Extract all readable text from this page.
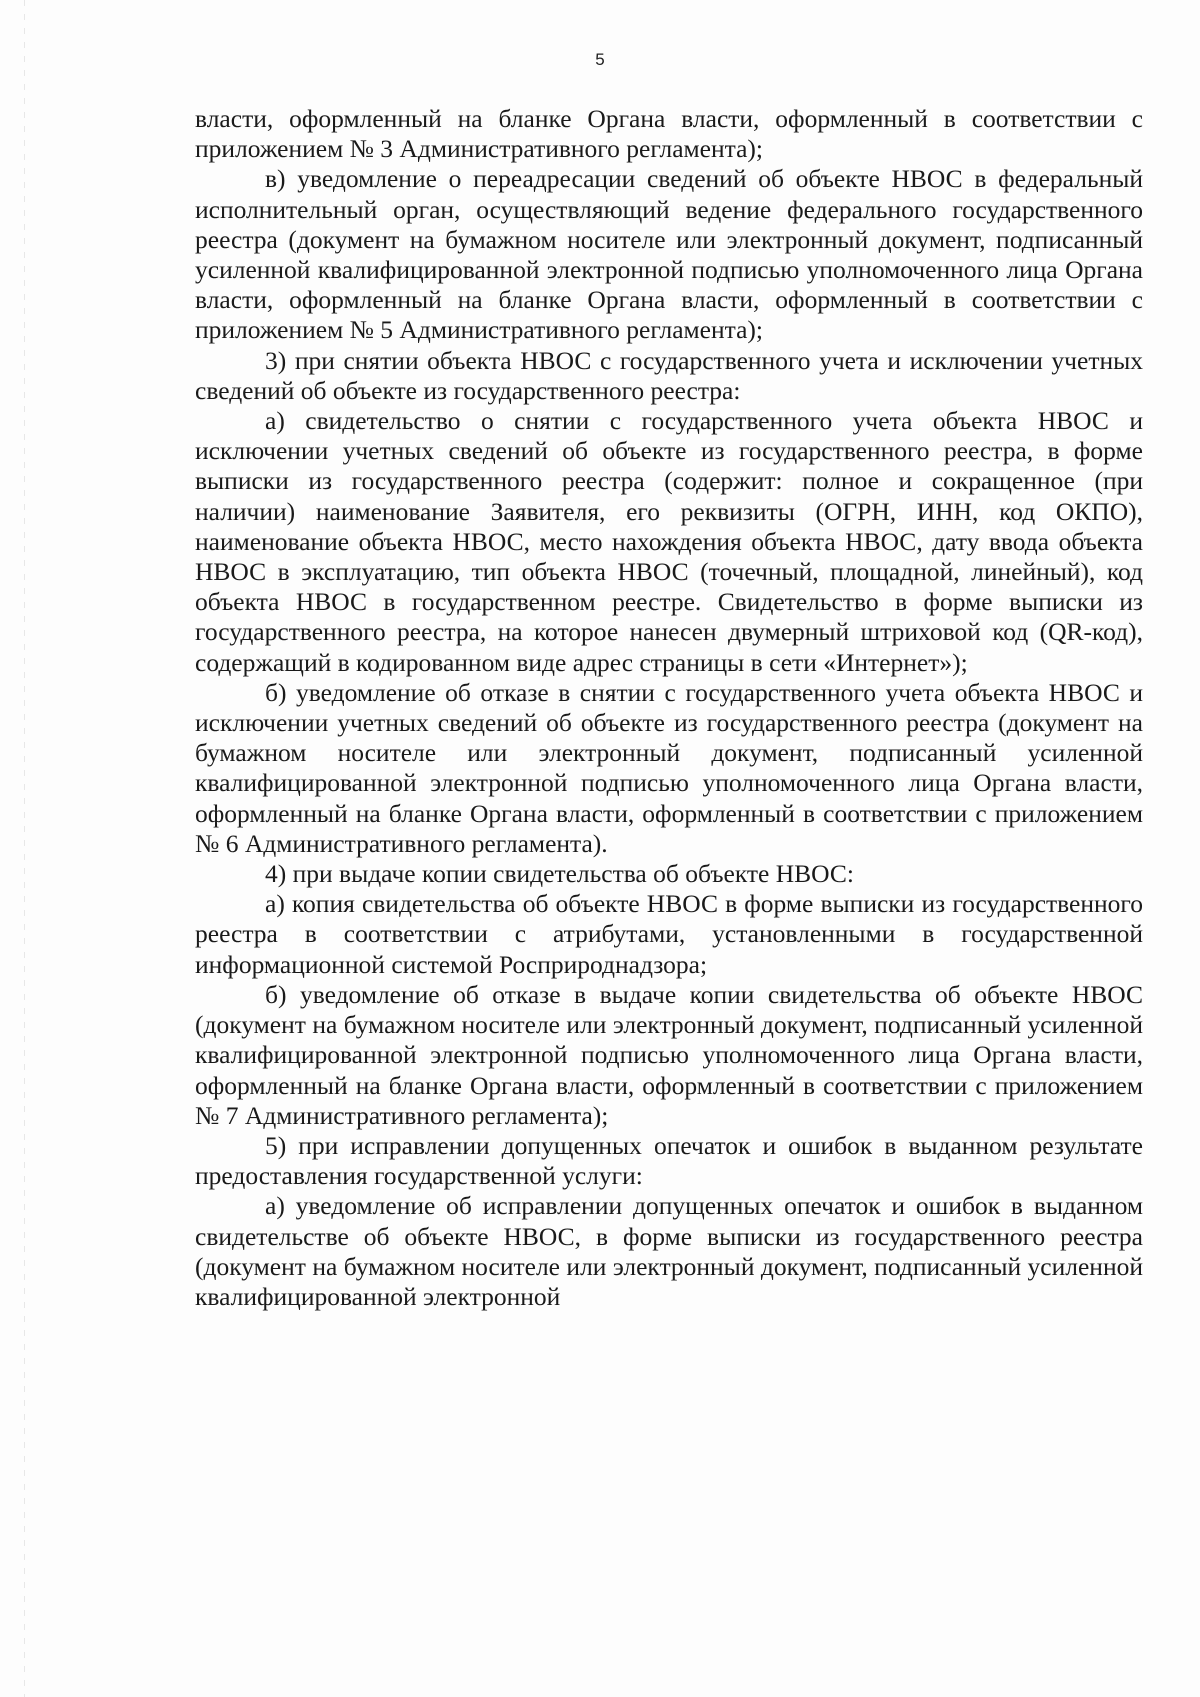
5

власти, оформленный на бланке Органа власти, оформленный в соответствии с приложением № 3 Административного регламента);

в) уведомление о переадресации сведений об объекте НВОС в федеральный исполнительный орган, осуществляющий ведение федерального государственного реестра (документ на бумажном носителе или электронный документ, подписанный усиленной квалифицированной электронной подписью уполномоченного лица Органа власти, оформленный на бланке Органа власти, оформленный в соответствии с приложением № 5 Административного регламента);

3) при снятии объекта НВОС с государственного учета и исключении учетных сведений об объекте из государственного реестра:

а) свидетельство о снятии с государственного учета объекта НВОС и исключении учетных сведений об объекте из государственного реестра, в форме выписки из государственного реестра (содержит: полное и сокращенное (при наличии) наименование Заявителя, его реквизиты (ОГРН, ИНН, код ОКПО), наименование объекта НВОС, место нахождения объекта НВОС, дату ввода объекта НВОС в эксплуатацию, тип объекта НВОС (точечный, площадной, линейный), код объекта НВОС в государственном реестре. Свидетельство в форме выписки из государственного реестра, на которое нанесен двумерный штриховой код (QR-код), содержащий в кодированном виде адрес страницы в сети «Интернет»);

б) уведомление об отказе в снятии с государственного учета объекта НВОС и исключении учетных сведений об объекте из государственного реестра (документ на бумажном носителе или электронный документ, подписанный усиленной квалифицированной электронной подписью уполномоченного лица Органа власти, оформленный на бланке Органа власти, оформленный в соответствии с приложением № 6 Административного регламента).

4) при выдаче копии свидетельства об объекте НВОС:

а) копия свидетельства об объекте НВОС в форме выписки из государственного реестра в соответствии с атрибутами, установленными в государственной информационной системой Росприроднадзора;

б) уведомление об отказе в выдаче копии свидетельства об объекте НВОС (документ на бумажном носителе или электронный документ, подписанный усиленной квалифицированной электронной подписью уполномоченного лица Органа власти, оформленный на бланке Органа власти, оформленный в соответствии с приложением № 7 Административного регламента);

5) при исправлении допущенных опечаток и ошибок в выданном результате предоставления государственной услуги:

а) уведомление об исправлении допущенных опечаток и ошибок в выданном свидетельстве об объекте НВОС, в форме выписки из государственного реестра (документ на бумажном носителе или электронный документ, подписанный усиленной квалифицированной электронной
